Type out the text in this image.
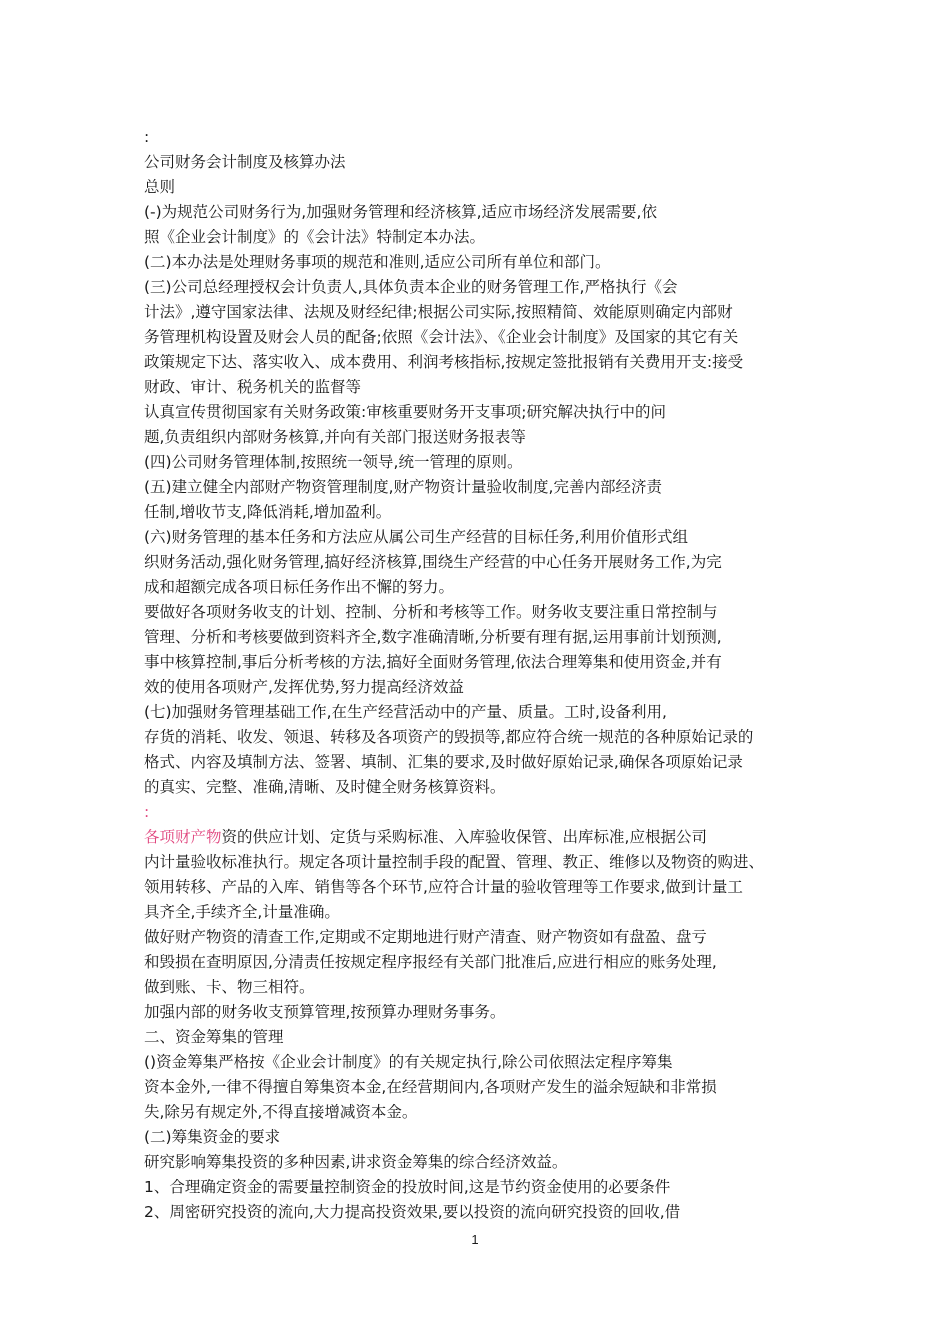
:
公司财务会计制度及核算办法
总则
(-)为规范公司财务行为,加强财务管理和经济核算,适应市场经济发展需要,依
照《企业会计制度》的《会计法》特制定本办法。
(二)本办法是处理财务事项的规范和准则,适应公司所有单位和部门。
(三)公司总经理授权会计负责人,具体负责本企业的财务管理工作,严格执行《会
计法》,遵守国家法律、法规及财经纪律;根据公司实际,按照精简、效能原则确定内部财
务管理机构设置及财会人员的配备;依照《会计法》、《企业会计制度》及国家的其它有关
政策规定下达、落实收入、成本费用、利润考核指标,按规定签批报销有关费用开支:接受
财政、审计、税务机关的监督等
认真宣传贯彻国家有关财务政策:审核重要财务开支事项;研究解决执行中的问
题,负责组织内部财务核算,并向有关部门报送财务报表等
(四)公司财务管理体制,按照统一领导,统一管理的原则。
(五)建立健全内部财产物资管理制度,财产物资计量验收制度,完善内部经济责
任制,增收节支,降低消耗,增加盈利。
(六)财务管理的基本任务和方法应从属公司生产经营的目标任务,利用价值形式组
织财务活动,强化财务管理,搞好经济核算,围绕生产经营的中心任务开展财务工作,为完
成和超额完成各项日标任务作出不懈的努力。
要做好各项财务收支的计划、控制、分析和考核等工作。财务收支要注重日常控制与
管理、分析和考核要做到资料齐全,数字准确清晰,分析要有理有据,运用事前计划预测,
事中核算控制,事后分析考核的方法,搞好全面财务管理,依法合理筹集和使用资金,并有
效的使用各项财产,发挥优势,努力提高经济效益
(七)加强财务管理基础工作,在生产经营活动中的产量、质量。工时,设备利用,
存货的消耗、收发、领退、转移及各项资产的毁损等,都应符合统一规范的各种原始记录的
格式、内容及填制方法、签署、填制、汇集的要求,及时做好原始记录,确保各项原始记录
的真实、完整、准确,清晰、及时健全财务核算资料。
:
各项财产物资的供应计划、定货与采购标准、入库验收保管、出库标准,应根据公司
内计量验收标准执行。规定各项计量控制手段的配置、管理、教正、维修以及物资的购进、
领用转移、产品的入库、销售等各个环节,应符合计量的验收管理等工作要求,做到计量工
具齐全,手续齐全,计量准确。
做好财产物资的清查工作,定期或不定期地进行财产清查、财产物资如有盘盈、盘亏
和毁损在查明原因,分清责任按规定程序报经有关部门批准后,应进行相应的账务处理,
做到账、卡、物三相符。
加强内部的财务收支预算管理,按预算办理财务事务。
二、资金筹集的管理
()资金筹集严格按《企业会计制度》的有关规定执行,除公司依照法定程序筹集
资本金外,一律不得擅自筹集资本金,在经营期间内,各项财产发生的溢余短缺和非常损
失,除另有规定外,不得直接增减资本金。
(二)筹集资金的要求
研究影响筹集投资的多种因素,讲求资金筹集的综合经济效益。
1、合理确定资金的需要量控制资金的投放时间,这是节约资金使用的必要条件
2、周密研究投资的流向,大力提高投资效果,要以投资的流向研究投资的回收,借
1
